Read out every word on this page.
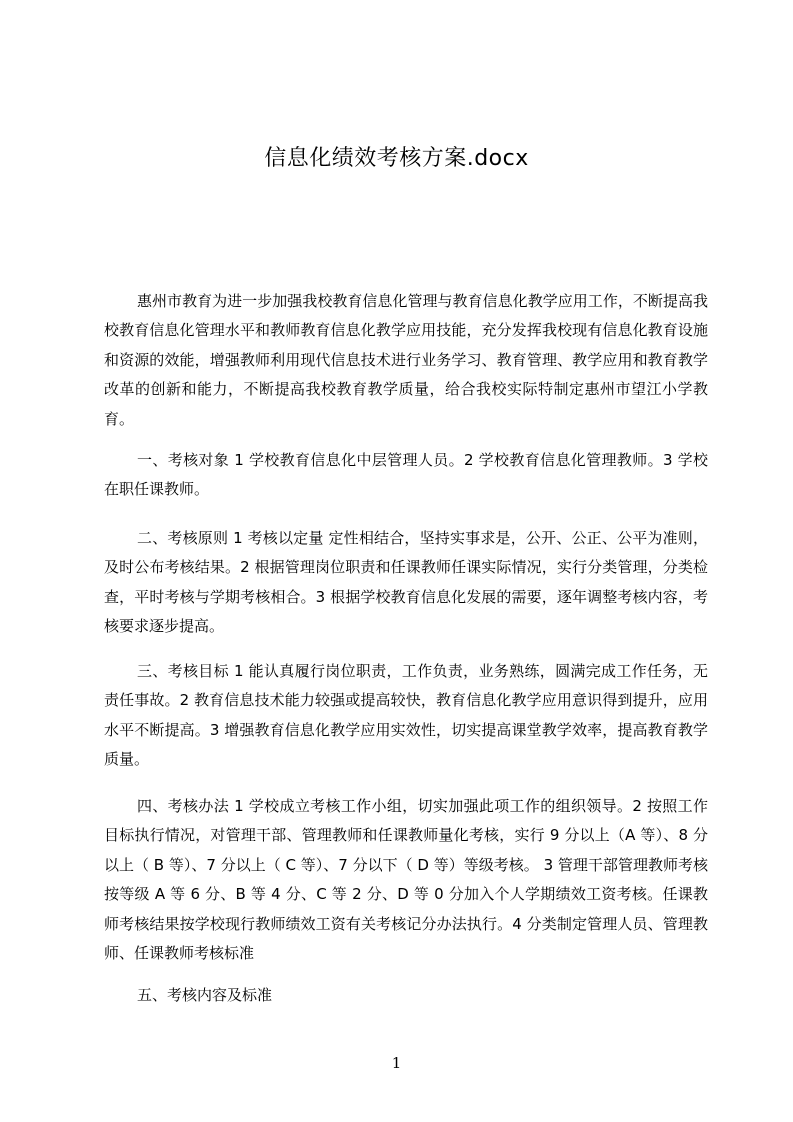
信息化绩效考核方案.docx

惠州市教育为进一步加强我校教育信息化管理与教育信息化教学应用工作，不断提高我校教育信息化管理水平和教师教育信息化教学应用技能，充分发挥我校现有信息化教育设施和资源的效能，增强教师利用现代信息技术进行业务学习、教育管理、教学应用和教育教学改革的创新和能力，不断提高我校教育教学质量，给合我校实际特制定惠州市望江小学教育。

一、考核对象 1 学校教育信息化中层管理人员。2 学校教育信息化管理教师。3 学校在职任课教师。

二、考核原则 1 考核以定量 定性相结合，坚持实事求是，公开、公正、公平为准则，及时公布考核结果。2 根据管理岗位职责和任课教师任课实际情况，实行分类管理，分类检查，平时考核与学期考核相合。3 根据学校教育信息化发展的需要，逐年调整考核内容，考核要求逐步提高。

三、考核目标 1 能认真履行岗位职责，工作负责，业务熟练，圆满完成工作任务，无责任事故。2 教育信息技术能力较强或提高较快，教育信息化教学应用意识得到提升，应用水平不断提高。3 增强教育信息化教学应用实效性，切实提高课堂教学效率，提高教育教学质量。

四、考核办法 1 学校成立考核工作小组，切实加强此项工作的组织领导。2 按照工作目标执行情况，对管理干部、管理教师和任课教师量化考核，实行 9 分以上（A 等）、8 分以上（ B 等）、7 分以上（ C 等）、7 分以下（ D 等）等级考核。 3 管理干部管理教师考核按等级 A 等 6 分、B 等 4 分、C 等 2 分、D 等 0 分加入个人学期绩效工资考核。任课教师考核结果按学校现行教师绩效工资有关考核记分办法执行。4 分类制定管理人员、管理教师、任课教师考核标准

五、考核内容及标准

1
